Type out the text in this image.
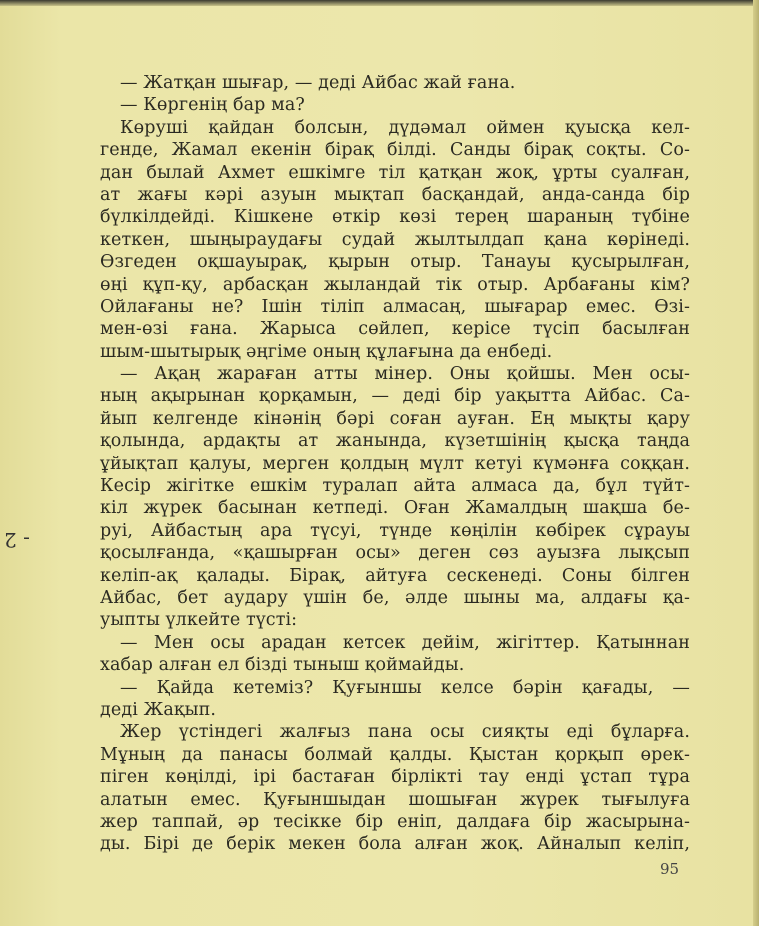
- 2
— Жатқан шығар, — деді Айбас жай ғана.
— Көргенің бар ма?
Көруші қайдан болсын, дүдәмал оймен қуысқа кел-
генде, Жамал екенін бірақ білді. Санды бірақ соқты. Со-
дан былай Ахмет ешкімге тіл қатқан жоқ, ұрты суалған,
ат жағы кәрі азуын мықтап басқандай, анда-санда бір
бүлкілдейді. Кішкене өткір көзі терең шараның түбіне
кеткен, шыңыраудағы судай жылтылдап қана көрінеді.
Өзгеден оқшауырақ, қырын отыр. Танауы қусырылған,
өңі құп-қу, арбасқан жыландай тік отыр. Арбағаны кім?
Ойлағаны не? Ішін тіліп алмасаң, шығарар емес. Өзі-
мен-өзі ғана. Жарыса сөйлеп, керісе түсіп басылған
шым-шытырық әңгіме оның құлағына да енбеді.
— Ақаң жараған атты мінер. Оны қойшы. Мен осы-
ның ақырынан қорқамын, — деді бір уақытта Айбас. Са-
йып келгенде кінәнің бәрі соған ауған. Ең мықты қару
қолында, ардақты ат жанында, күзетшінің қысқа таңда
ұйықтап қалуы, мерген қолдың мүлт кетуі күмәнға соққан.
Кесір жігітке ешкім туралап айта алмаса да, бұл түйт-
кіл жүрек басынан кетпеді. Оған Жамалдың шақша бе-
руі, Айбастың ара түсуі, түнде көңілін көбірек сұрауы
қосылғанда, «қашырған осы» деген сөз ауызға лықсып
келіп-ақ қалады. Бірақ, айтуға сескенеді. Соны білген
Айбас, бет аудару үшін бе, әлде шыны ма, алдағы қа-
уыпты үлкейте түсті:
— Мен осы арадан кетсек дейім, жігіттер. Қатыннан
хабар алған ел бізді тыныш қоймайды.
— Қайда кетеміз? Қуғыншы келсе бәрін қағады, —
деді Жақып.
Жер үстіндегі жалғыз пана осы сияқты еді бұларға.
Мұның да панасы болмай қалды. Қыстан қорқып өрек-
піген көңілді, ірі бастаған бірлікті тау енді ұстап тұра
алатын емес. Қуғыншыдан шошыған жүрек тығылуға
жер таппай, әр тесікке бір еніп, далдаға бір жасырына-
ды. Бірі де берік мекен бола алған жоқ. Айналып келіп,
95
